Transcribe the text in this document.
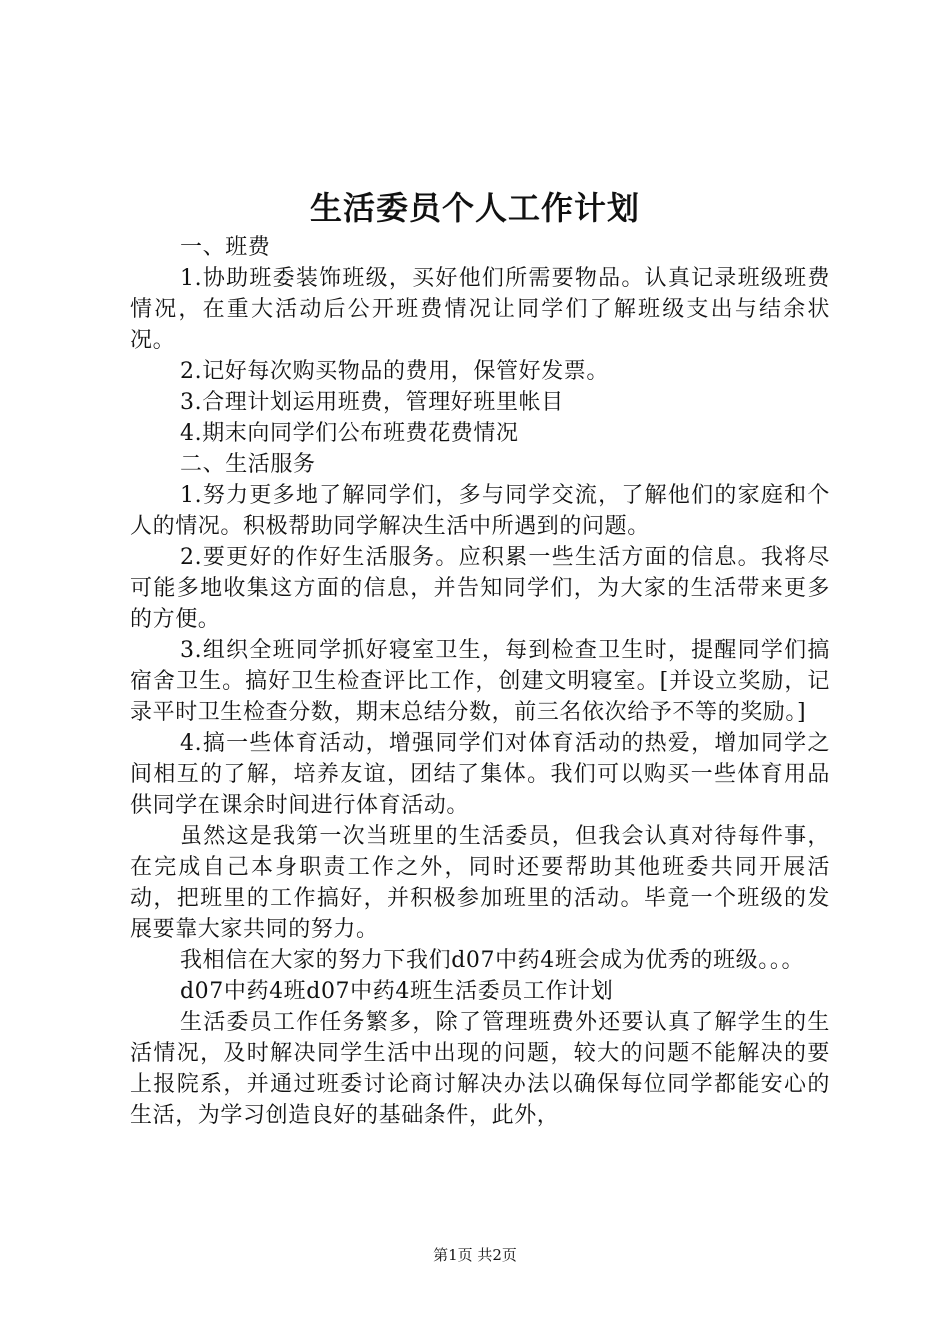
生活委员个人工作计划

一、班费

1.协助班委装饰班级，买好他们所需要物品。认真记录班级班费情况，在重大活动后公开班费情况让同学们了解班级支出与结余状况。

2.记好每次购买物品的费用，保管好发票。

3.合理计划运用班费，管理好班里帐目

4.期末向同学们公布班费花费情况

二、生活服务

1.努力更多地了解同学们，多与同学交流，了解他们的家庭和个人的情况。积极帮助同学解决生活中所遇到的问题。

2.要更好的作好生活服务。应积累一些生活方面的信息。我将尽可能多地收集这方面的信息，并告知同学们，为大家的生活带来更多的方便。

3.组织全班同学抓好寝室卫生，每到检查卫生时，提醒同学们搞宿舍卫生。搞好卫生检查评比工作，创建文明寝室。[并设立奖励，记录平时卫生检查分数，期末总结分数，前三名依次给予不等的奖励。]

4.搞一些体育活动，增强同学们对体育活动的热爱，增加同学之间相互的了解，培养友谊，团结了集体。我们可以购买一些体育用品供同学在课余时间进行体育活动。

虽然这是我第一次当班里的生活委员，但我会认真对待每件事，在完成自己本身职责工作之外，同时还要帮助其他班委共同开展活动，把班里的工作搞好，并积极参加班里的活动。毕竟一个班级的发展要靠大家共同的努力。

我相信在大家的努力下我们d07中药4班会成为优秀的班级。。。

d07中药4班d07中药4班生活委员工作计划

生活委员工作任务繁多，除了管理班费外还要认真了解学生的生活情况，及时解决同学生活中出现的问题，较大的问题不能解决的要上报院系，并通过班委讨论商讨解决办法以确保每位同学都能安心的生活，为学习创造良好的基础条件，此外，

第1页 共2页
